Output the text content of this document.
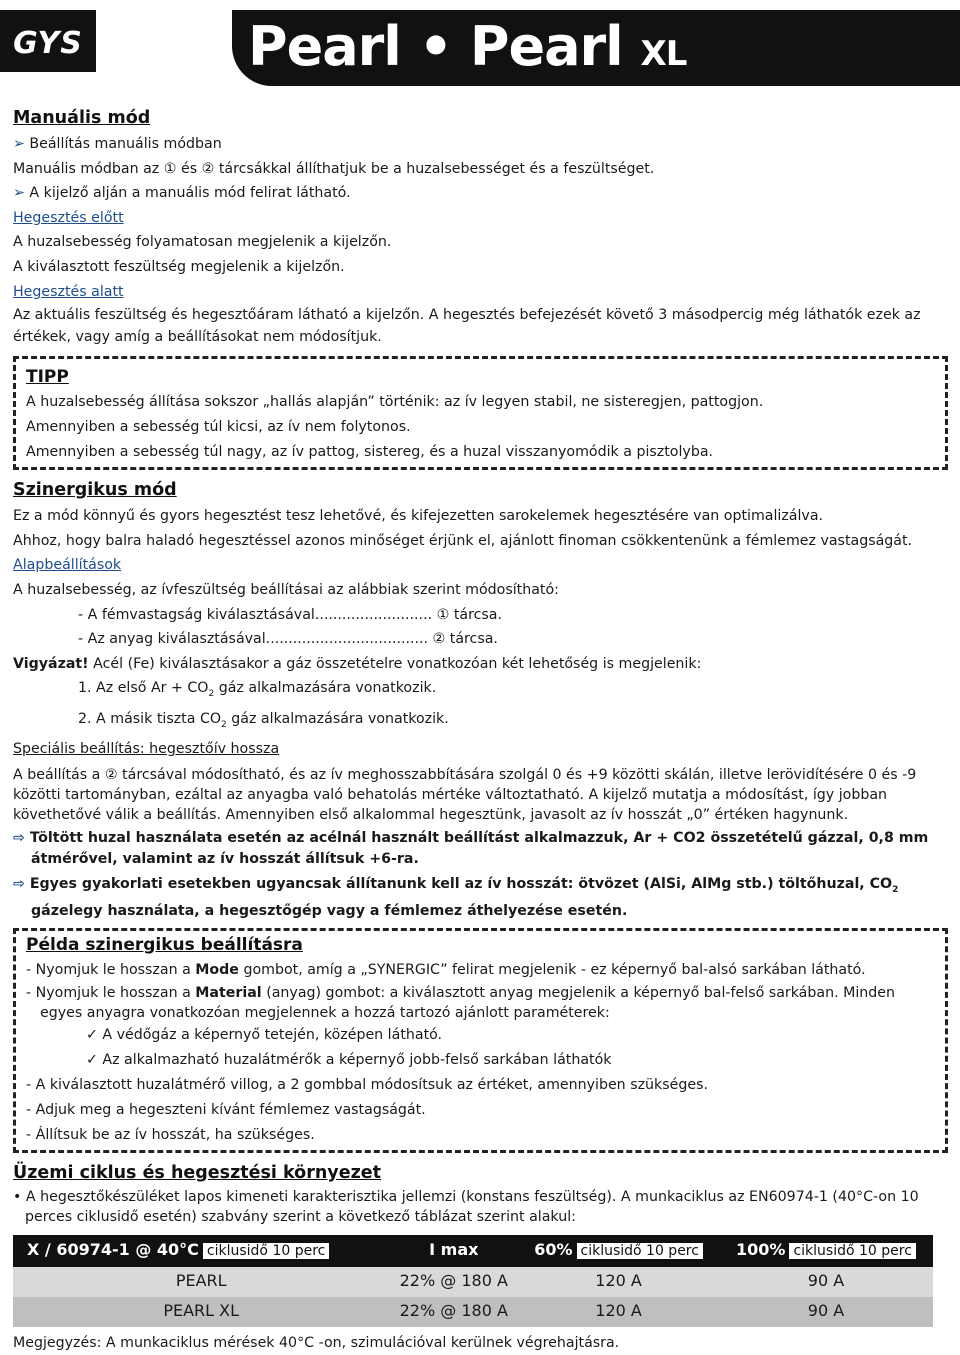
GYS	Pearl • Pearl XL

Manuális mód

➢ Beállítás manuális módban

Manuális módban az ① és ② tárcsákkal állíthatjuk be a huzalsebességet és a feszültséget.

➢ A kijelző alján a manuális mód felirat látható.

Hegesztés előtt

A huzalsebesség folyamatosan megjelenik a kijelzőn.

A kiválasztott feszültség megjelenik a kijelzőn.

Hegesztés alatt

Az aktuális feszültség és hegesztőáram látható a kijelzőn. A hegesztés befejezését követő 3 másodpercig még láthatók ezek az értékek, vagy amíg a beállításokat nem módosítjuk.

TIPP

A huzalsebesség állítása sokszor „hallás alapján” történik: az ív legyen stabil, ne sisteregjen, pattogjon.

Amennyiben a sebesség túl kicsi, az ív nem folytonos.

Amennyiben a sebesség túl nagy, az ív pattog, sistereg, és a huzal visszanyomódik a pisztolyba.

Szinergikus mód

Ez a mód könnyű és gyors hegesztést tesz lehetővé, és kifejezetten sarokelemek hegesztésére van optimalizálva.

Ahhoz, hogy balra haladó hegesztéssel azonos minőséget érjünk el, ajánlott finoman csökkentenünk a fémlemez vastagságát.

Alapbeállítások

A huzalsebesség, az ívfeszültség beállításai az alábbiak szerint módosítható:

- A fémvastagság kiválasztásával.......................... ① tárcsa.

- Az anyag kiválasztásával.................................... ② tárcsa.

Vigyázat! Acél (Fe) kiválasztásakor a gáz összetételre vonatkozóan két lehetőség is megjelenik:

1. Az első $Ar + CO_2$ gáz alkalmazására vonatkozik.

2. A másik tiszta $CO_2$ gáz alkalmazására vonatkozik.

Speciális beállítás: hegesztőív hossza

A beállítás a ② tárcsával módosítható, és az ív meghosszabbítására szolgál 0 és +9 közötti skálán, illetve lerövidítésére 0 és -9 közötti tartományban, ezáltal az anyagba való behatolás mértéke változtatható. A kijelző mutatja a módosítást, így jobban követhetővé válik a beállítás. Amennyiben első alkalommal hegesztünk, javasolt az ív hosszát „0” értéken hagynunk.

⇨ Töltött huzal használata esetén az acélnál használt beállítást alkalmazzuk, Ar + CO2 összetételű gázzal, 0,8 mm átmérővel, valamint az ív hosszát állítsuk +6-ra.

⇨ Egyes gyakorlati esetekben ugyancsak állítanunk kell az ív hosszát: ötvözet (AlSi, AlMg stb.) töltőhuzal, $CO_2$ gázelegy használata, a hegesztőgép vagy a fémlemez áthelyezése esetén.

Példa szinergikus beállításra

- Nyomjuk le hosszan a Mode gombot, amíg a „SYNERGIC” felirat megjelenik - ez képernyő bal-alsó sarkában látható.

- Nyomjuk le hosszan a Material (anyag) gombot: a kiválasztott anyag megjelenik a képernyő bal-felső sarkában. Minden egyes anyagra vonatkozóan megjelennek a hozzá tartozó ajánlott paraméterek:

✓ A védőgáz a képernyő tetején, középen látható.

✓ Az alkalmazható huzalátmérők a képernyő jobb-felső sarkában láthatók

- A kiválasztott huzalátmérő villog, a 2 gombbal módosítsuk az értéket, amennyiben szükséges.

- Adjuk meg a hegeszteni kívánt fémlemez vastagságát.

- Állítsuk be az ív hosszát, ha szükséges.

Üzemi ciklus és hegesztési környezet

• A hegesztőkészüléket lapos kimeneti karakterisztika jellemzi (konstans feszültség). A munkaciklus az EN60974-1 (40°C-on 10 perces ciklusidő esetén) szabvány szerint a következő táblázat szerint alakul:

X / 60974-1 @ 40°C ciklusidő 10 perc	I max	60% ciklusidő 10 perc	100% ciklusidő 10 perc
PEARL	22% @ 180 A	120 A	90 A
PEARL XL	22% @ 180 A	120 A	90 A

Megjegyzés: A munkaciklus mérések 40°C -on, szimulációval kerülnek végrehajtásra.
